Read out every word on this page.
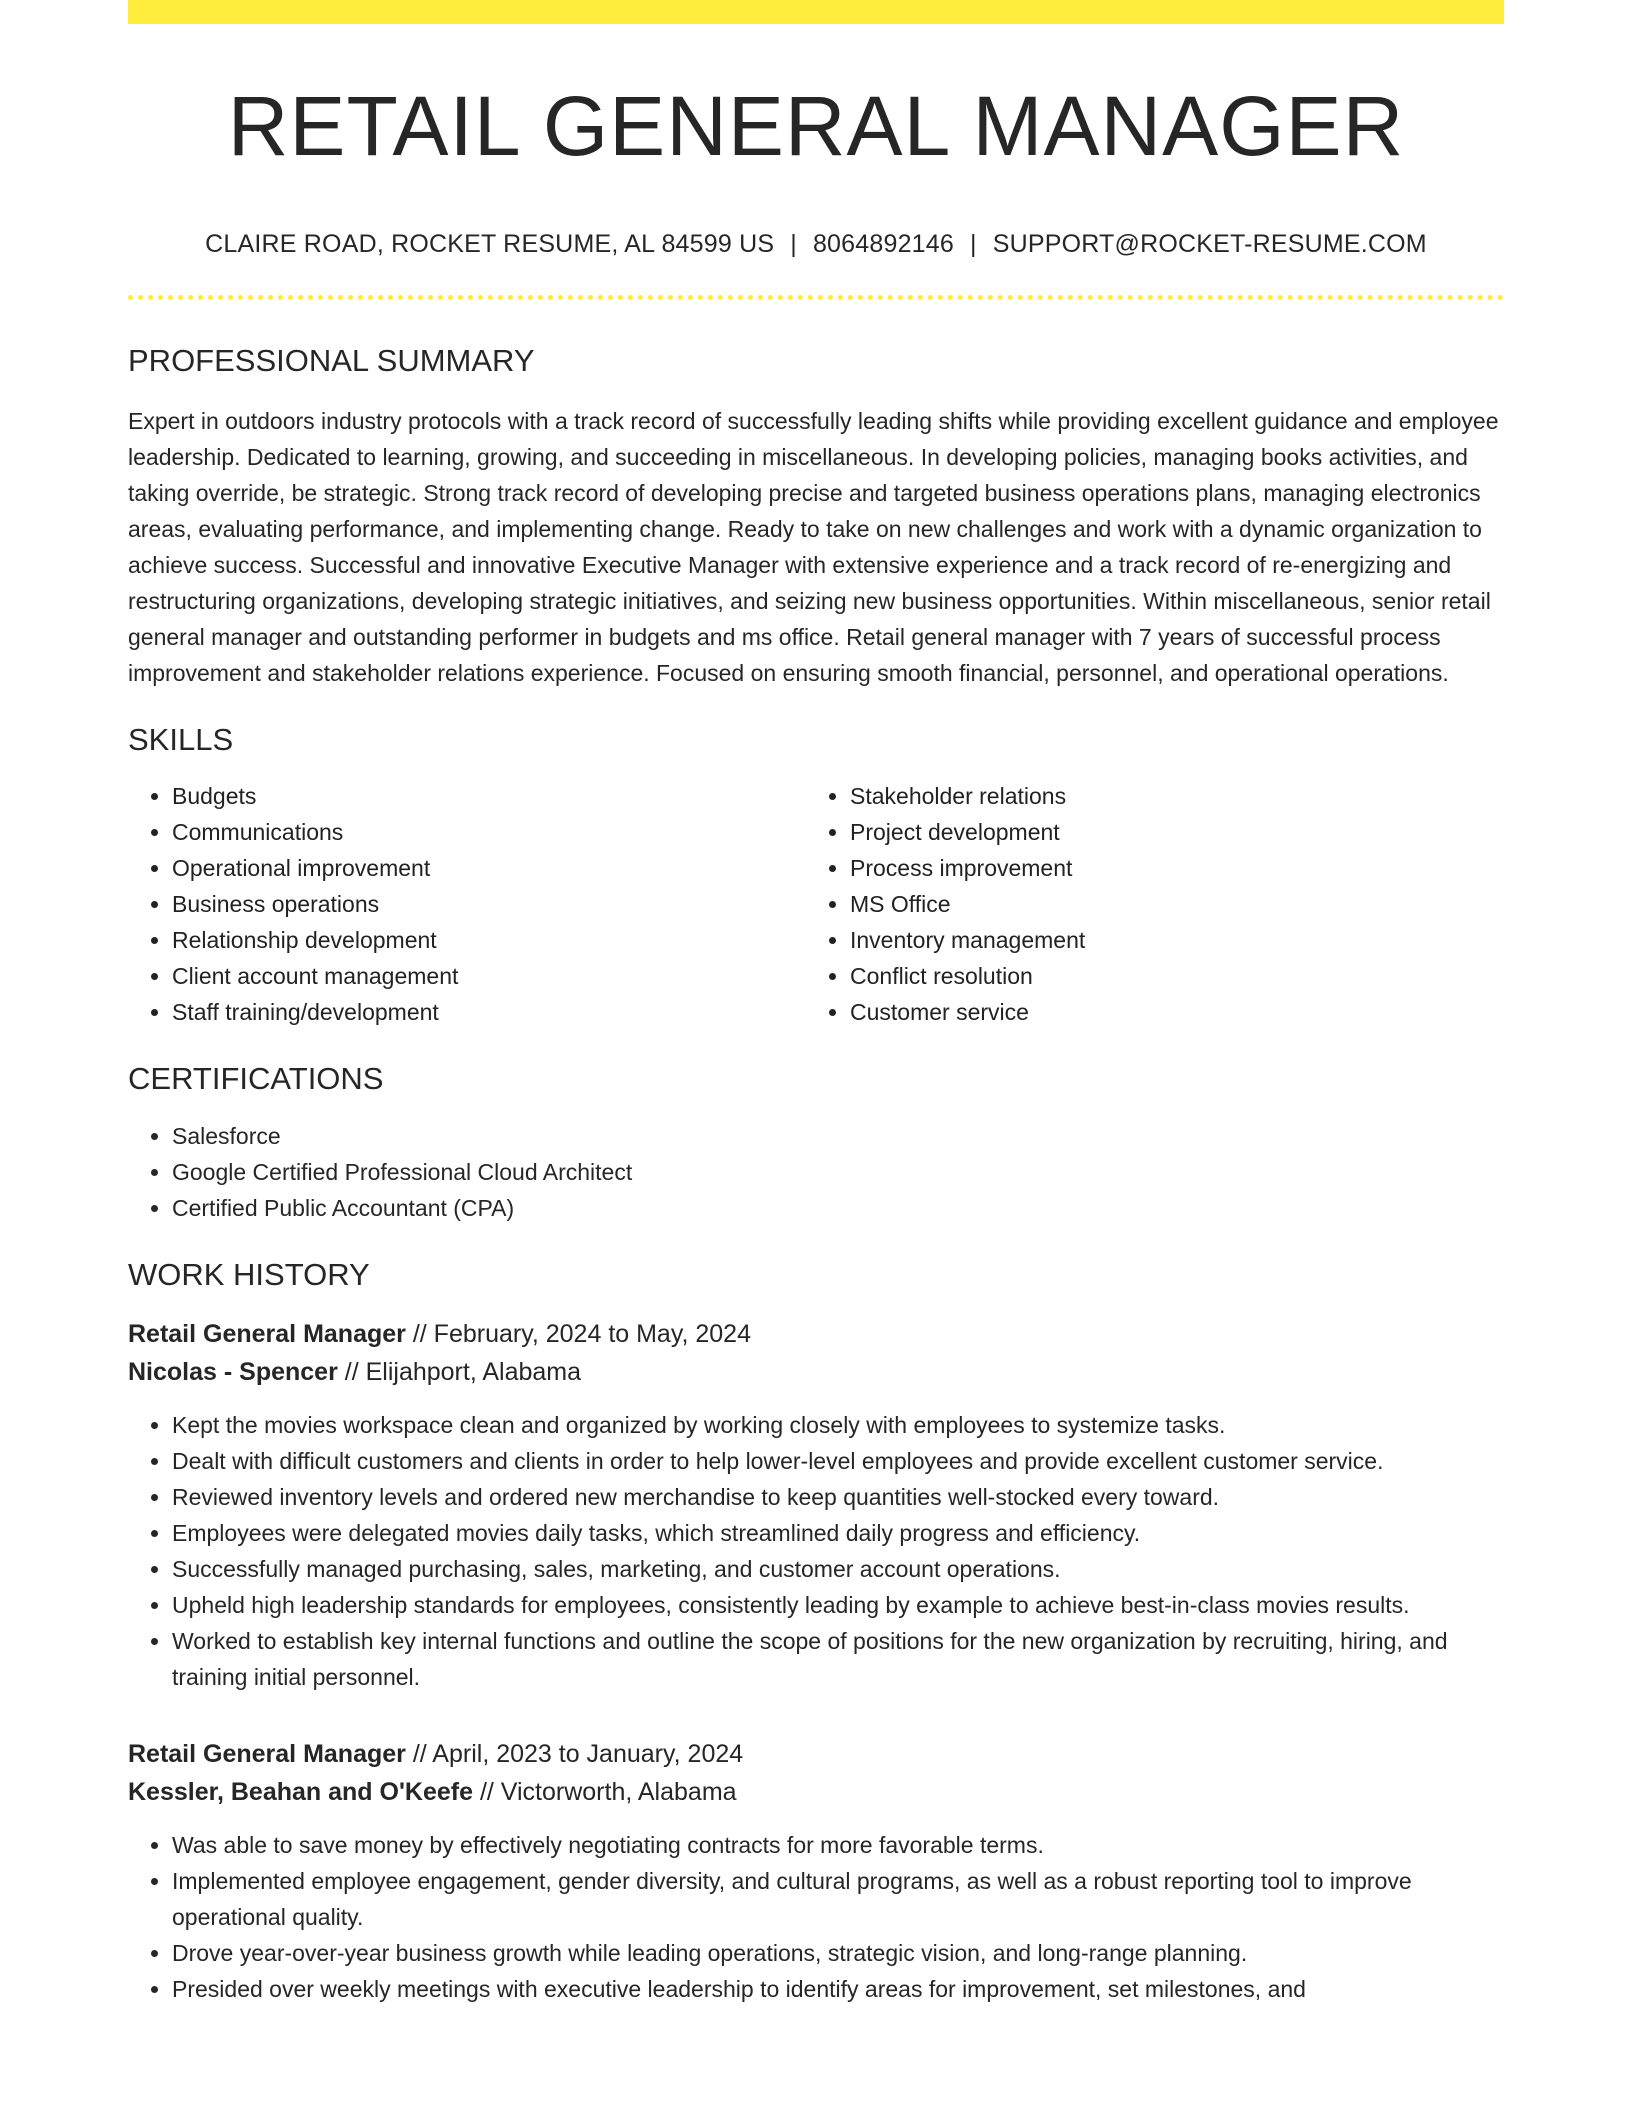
RETAIL GENERAL MANAGER
CLAIRE ROAD, ROCKET RESUME, AL 84599 US | 8064892146 | SUPPORT@ROCKET-RESUME.COM
PROFESSIONAL SUMMARY
Expert in outdoors industry protocols with a track record of successfully leading shifts while providing excellent guidance and employee leadership. Dedicated to learning, growing, and succeeding in miscellaneous. In developing policies, managing books activities, and taking override, be strategic. Strong track record of developing precise and targeted business operations plans, managing electronics areas, evaluating performance, and implementing change. Ready to take on new challenges and work with a dynamic organization to achieve success. Successful and innovative Executive Manager with extensive experience and a track record of re-energizing and restructuring organizations, developing strategic initiatives, and seizing new business opportunities. Within miscellaneous, senior retail general manager and outstanding performer in budgets and ms office. Retail general manager with 7 years of successful process improvement and stakeholder relations experience. Focused on ensuring smooth financial, personnel, and operational operations.
SKILLS
• Budgets
• Communications
• Operational improvement
• Business operations
• Relationship development
• Client account management
• Staff training/development
• Stakeholder relations
• Project development
• Process improvement
• MS Office
• Inventory management
• Conflict resolution
• Customer service
CERTIFICATIONS
• Salesforce
• Google Certified Professional Cloud Architect
• Certified Public Accountant (CPA)
WORK HISTORY
Retail General Manager // February, 2024 to May, 2024
Nicolas - Spencer // Elijahport, Alabama
• Kept the movies workspace clean and organized by working closely with employees to systemize tasks.
• Dealt with difficult customers and clients in order to help lower-level employees and provide excellent customer service.
• Reviewed inventory levels and ordered new merchandise to keep quantities well-stocked every toward.
• Employees were delegated movies daily tasks, which streamlined daily progress and efficiency.
• Successfully managed purchasing, sales, marketing, and customer account operations.
• Upheld high leadership standards for employees, consistently leading by example to achieve best-in-class movies results.
• Worked to establish key internal functions and outline the scope of positions for the new organization by recruiting, hiring, and training initial personnel.
Retail General Manager // April, 2023 to January, 2024
Kessler, Beahan and O'Keefe // Victorworth, Alabama
• Was able to save money by effectively negotiating contracts for more favorable terms.
• Implemented employee engagement, gender diversity, and cultural programs, as well as a robust reporting tool to improve operational quality.
• Drove year-over-year business growth while leading operations, strategic vision, and long-range planning.
• Presided over weekly meetings with executive leadership to identify areas for improvement, set milestones, and
